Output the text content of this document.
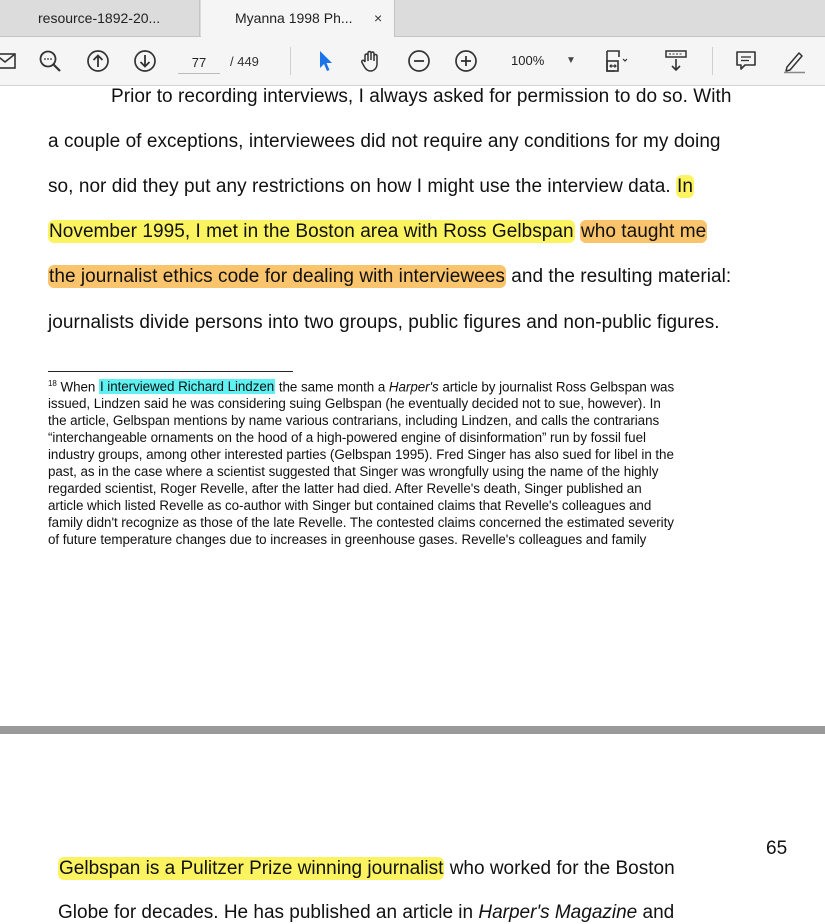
resource-1892-20...	Myanna 1998 Ph...	×
77
/ 449	100% ▼
Prior to recording interviews, I always asked for permission to do so. With
a couple of exceptions, interviewees did not require any conditions for my doing
so, nor did they put any restrictions on how I might use the interview data. In
November 1995, I met in the Boston area with Ross Gelbspan who taught me
the journalist ethics code for dealing with interviewees and the resulting material:
journalists divide persons into two groups, public figures and non-public figures.
$^{18}$ When I interviewed Richard Lindzen the same month a Harper's article by journalist Ross Gelbspan was
issued, Lindzen said he was considering suing Gelbspan (he eventually decided not to sue, however). In
the article, Gelbspan mentions by name various contrarians, including Lindzen, and calls the contrarians
“interchangeable ornaments on the hood of a high-powered engine of disinformation” run by fossil fuel
industry groups, among other interested parties (Gelbspan 1995). Fred Singer has also sued for libel in the
past, as in the case where a scientist suggested that Singer was wrongfully using the name of the highly
regarded scientist, Roger Revelle, after the latter had died. After Revelle's death, Singer published an
article which listed Revelle as co-author with Singer but contained claims that Revelle's colleagues and
family didn't recognize as those of the late Revelle. The contested claims concerned the estimated severity
of future temperature changes due to increases in greenhouse gases. Revelle's colleagues and family
65
Gelbspan is a Pulitzer Prize winning journalist who worked for the Boston
Globe for decades. He has published an article in Harper's Magazine and
